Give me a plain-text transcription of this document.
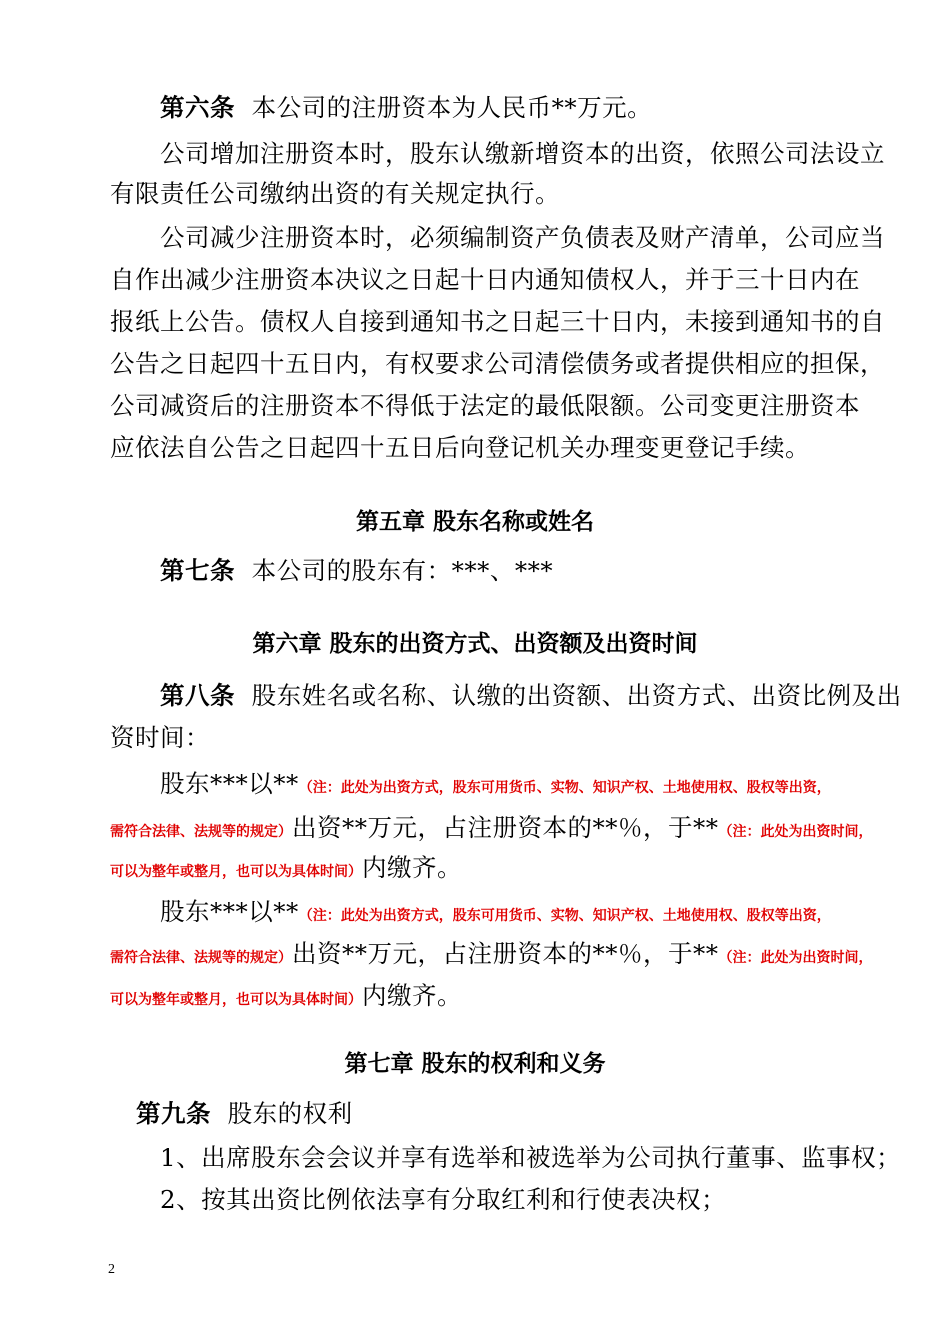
第六条 本公司的注册资本为人民币**万元。
公司增加注册资本时，股东认缴新增资本的出资，依照公司法设立
有限责任公司缴纳出资的有关规定执行。
公司减少注册资本时，必须编制资产负债表及财产清单，公司应当
自作出减少注册资本决议之日起十日内通知债权人，并于三十日内在
报纸上公告。债权人自接到通知书之日起三十日内，未接到通知书的自
公告之日起四十五日内，有权要求公司清偿债务或者提供相应的担保，
公司减资后的注册资本不得低于法定的最低限额。公司变更注册资本
应依法自公告之日起四十五日后向登记机关办理变更登记手续。
第五章 股东名称或姓名
第七条 本公司的股东有：***、***
第六章 股东的出资方式、出资额及出资时间
第八条 股东姓名或名称、认缴的出资额、出资方式、出资比例及出
资时间：
股东***以**（注：此处为出资方式，股东可用货币、实物、知识产权、土地使用权、股权等出资，
需符合法律、法规等的规定）出资**万元，占注册资本的**％，于**（注：此处为出资时间，
可以为整年或整月，也可以为具体时间）内缴齐。
股东***以**（注：此处为出资方式，股东可用货币、实物、知识产权、土地使用权、股权等出资，
需符合法律、法规等的规定）出资**万元，占注册资本的**％，于**（注：此处为出资时间，
可以为整年或整月，也可以为具体时间）内缴齐。
第七章 股东的权利和义务
第九条 股东的权利
1、出席股东会会议并享有选举和被选举为公司执行董事、监事权；
2、按其出资比例依法享有分取红利和行使表决权；
2
